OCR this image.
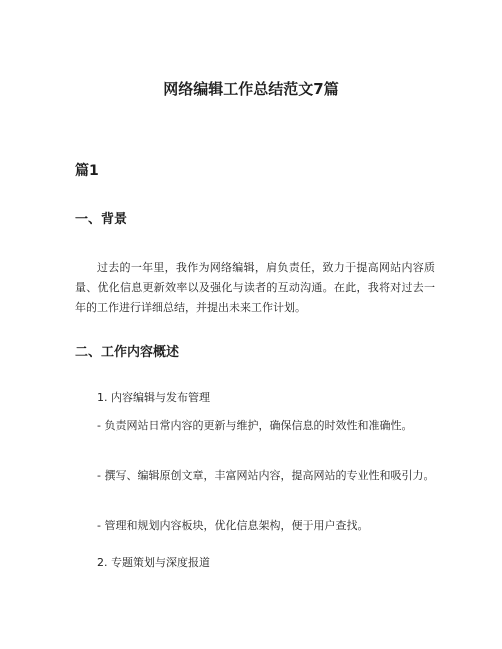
网络编辑工作总结范文7篇
篇1
一、背景
过去的一年里，我作为网络编辑，肩负责任，致力于提高网站内容质量、优化信息更新效率以及强化与读者的互动沟通。在此，我将对过去一年的工作进行详细总结，并提出未来工作计划。
二、工作内容概述
1. 内容编辑与发布管理
- 负责网站日常内容的更新与维护，确保信息的时效性和准确性。
- 撰写、编辑原创文章，丰富网站内容，提高网站的专业性和吸引力。
- 管理和规划内容板块，优化信息架构，便于用户查找。
2. 专题策划与深度报道
